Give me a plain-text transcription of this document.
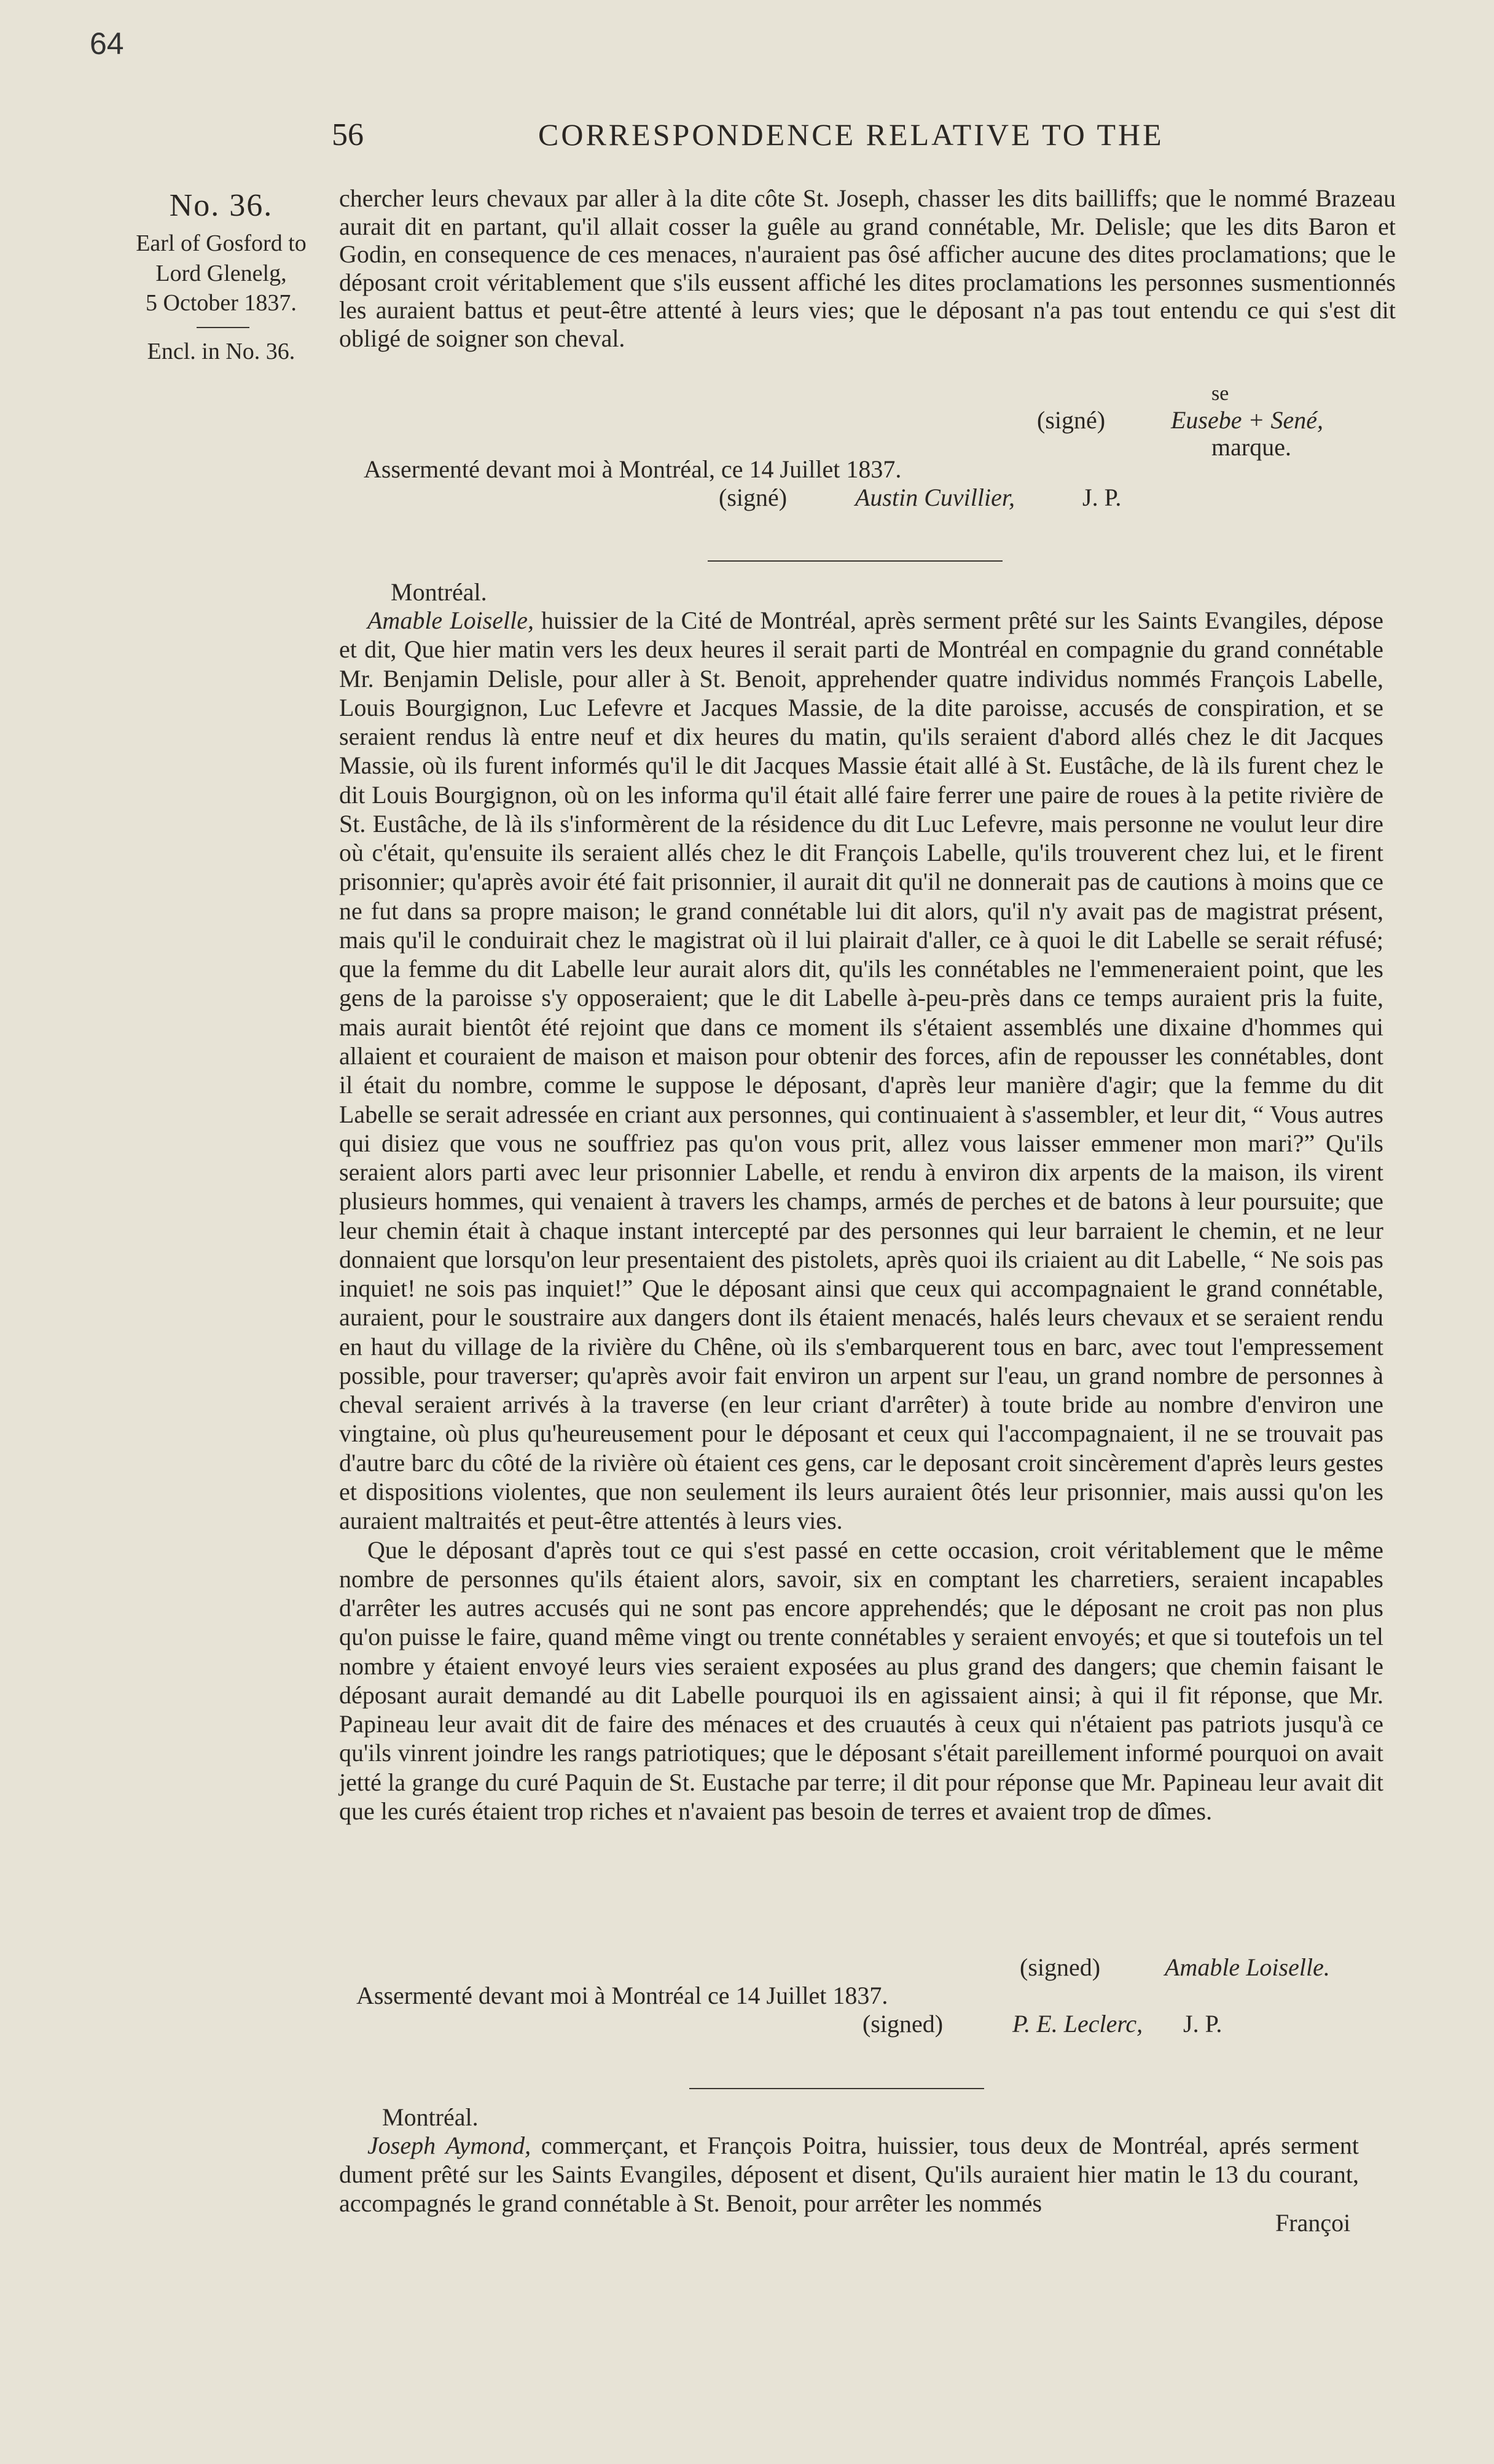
64
56	CORRESPONDENCE RELATIVE TO THE
No. 36.
Earl of Gosford to
Lord Glenelg,
5 October 1837.
Encl. in No. 36.

chercher leurs chevaux par aller à la dite côte St. Joseph, chasser les dits bailliffs; que le nommé Brazeau aurait dit en partant, qu'il allait cosser la guêle au grand connétable, Mr. Delisle; que les dits Baron et Godin, en consequence de ces menaces, n'auraient pas ôsé afficher aucune des dites proclamations; que le déposant croit véritablement que s'ils eussent affiché les dites proclamations les personnes susmentionnés les auraient battus et peut-être attenté à leurs vies; que le déposant n'a pas tout entendu ce qui s'est dit obligé de soigner son cheval.

se
(signé)	Eusebe + Sené,
marque.
Assermenté devant moi à Montréal, ce 14 Juillet 1837.
(signé)	Austin Cuvillier,	J. P.
Montréal.

Amable Loiselle, huissier de la Cité de Montréal, après serment prêté sur les Saints Evangiles, dépose et dit, Que hier matin vers les deux heures il serait parti de Montréal en compagnie du grand connétable Mr. Benjamin Delisle, pour aller à St. Benoit, apprehender quatre individus nommés François Labelle, Louis Bourgignon, Luc Lefevre et Jacques Massie, de la dite paroisse, accusés de conspiration, et se seraient rendus là entre neuf et dix heures du matin, qu'ils seraient d'abord allés chez le dit Jacques Massie, où ils furent informés qu'il le dit Jacques Massie était allé à St. Eustâche, de là ils furent chez le dit Louis Bourgignon, où on les informa qu'il était allé faire ferrer une paire de roues à la petite rivière de St. Eustâche, de là ils s'informèrent de la résidence du dit Luc Lefevre, mais personne ne voulut leur dire où c'était, qu'ensuite ils seraient allés chez le dit François Labelle, qu'ils trouverent chez lui, et le firent prisonnier; qu'après avoir été fait prisonnier, il aurait dit qu'il ne donnerait pas de cautions à moins que ce ne fut dans sa propre maison; le grand connétable lui dit alors, qu'il n'y avait pas de magistrat présent, mais qu'il le conduirait chez le magistrat où il lui plairait d'aller, ce à quoi le dit Labelle se serait réfusé; que la femme du dit Labelle leur aurait alors dit, qu'ils les connétables ne l'emmeneraient point, que les gens de la paroisse s'y opposeraient; que le dit Labelle à-peu-près dans ce temps auraient pris la fuite, mais aurait bientôt été rejoint que dans ce moment ils s'étaient assemblés une dixaine d'hommes qui allaient et couraient de maison et maison pour obtenir des forces, afin de repousser les connétables, dont il était du nombre, comme le suppose le déposant, d'après leur manière d'agir; que la femme du dit Labelle se serait adressée en criant aux personnes, qui continuaient à s'assembler, et leur dit, “ Vous autres qui disiez que vous ne souffriez pas qu'on vous prit, allez vous laisser emmener mon mari?” Qu'ils seraient alors parti avec leur prisonnier Labelle, et rendu à environ dix arpents de la maison, ils virent plusieurs hommes, qui venaient à travers les champs, armés de perches et de batons à leur poursuite; que leur chemin était à chaque instant intercepté par des personnes qui leur barraient le chemin, et ne leur donnaient que lorsqu'on leur presentaient des pistolets, après quoi ils criaient au dit Labelle, “ Ne sois pas inquiet! ne sois pas inquiet!” Que le déposant ainsi que ceux qui accompagnaient le grand connétable, auraient, pour le soustraire aux dangers dont ils étaient menacés, halés leurs chevaux et se seraient rendu en haut du village de la rivière du Chêne, où ils s'embarquerent tous en barc, avec tout l'empressement possible, pour traverser; qu'après avoir fait environ un arpent sur l'eau, un grand nombre de personnes à cheval seraient arrivés à la traverse (en leur criant d'arrêter) à toute bride au nombre d'environ une vingtaine, où plus qu'heureusement pour le déposant et ceux qui l'accompagnaient, il ne se trouvait pas d'autre barc du côté de la rivière où étaient ces gens, car le deposant croit sincèrement d'après leurs gestes et dispositions violentes, que non seulement ils leurs auraient ôtés leur prisonnier, mais aussi qu'on les auraient maltraités et peut-être attentés à leurs vies.

Que le déposant d'après tout ce qui s'est passé en cette occasion, croit véritablement que le même nombre de personnes qu'ils étaient alors, savoir, six en comptant les charretiers, seraient incapables d'arrêter les autres accusés qui ne sont pas encore apprehendés; que le déposant ne croit pas non plus qu'on puisse le faire, quand même vingt ou trente connétables y seraient envoyés; et que si toutefois un tel nombre y étaient envoyé leurs vies seraient exposées au plus grand des dangers; que chemin faisant le déposant aurait demandé au dit Labelle pourquoi ils en agissaient ainsi; à qui il fit réponse, que Mr. Papineau leur avait dit de faire des ménaces et des cruautés à ceux qui n'étaient pas patriots jusqu'à ce qu'ils vinrent joindre les rangs patriotiques; que le déposant s'était pareillement informé pourquoi on avait jetté la grange du curé Paquin de St. Eustache par terre; il dit pour réponse que Mr. Papineau leur avait dit que les curés étaient trop riches et n'avaient pas besoin de terres et avaient trop de dîmes.

(signed)	Amable Loiselle.
Assermenté devant moi à Montréal ce 14 Juillet 1837.
(signed)	P. E. Leclerc, J. P.
Montréal.

Joseph Aymond, commerçant, et François Poitra, huissier, tous deux de Montréal, aprés serment dument prêté sur les Saints Evangiles, déposent et disent, Qu'ils auraient hier matin le 13 du courant, accompagnés le grand connétable à St. Benoit, pour arrêter les nommés

Françoi
